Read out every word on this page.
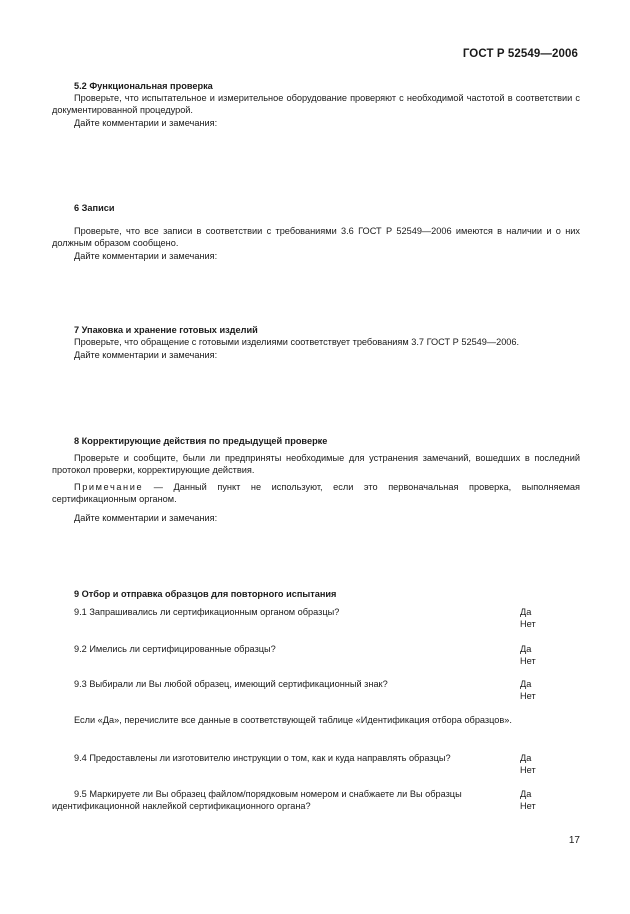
ГОСТ Р 52549—2006
5.2 Функциональная проверка
Проверьте, что испытательное и измерительное оборудование проверяют с необходимой частотой в соответствии с документированной процедурой.
Дайте комментарии и замечания:
6 Записи
Проверьте, что все записи в соответствии с требованиями 3.6 ГОСТ Р 52549—2006 имеются в наличии и о них должным образом сообщено.
Дайте комментарии и замечания:
7 Упаковка и хранение готовых изделий
Проверьте, что обращение с готовыми изделиями соответствует требованиям 3.7 ГОСТ Р 52549—2006.
Дайте комментарии и замечания:
8 Корректирующие действия по предыдущей проверке
Проверьте и сообщите, были ли предприняты необходимые для устранения замечаний, вошедших в последний протокол проверки, корректирующие действия.
Примечание — Данный пункт не используют, если это первоначальная проверка, выполняемая сертификационным органом.
Дайте комментарии и замечания:
9 Отбор и отправка образцов для повторного испытания
9.1 Запрашивались ли сертификационным органом образцы?	Да
Нет
9.2 Имелись ли сертифицированные образцы?	Да
Нет
9.3 Выбирали ли Вы любой образец, имеющий сертификационный знак?	Да
Нет
Если «Да», перечислите все данные в соответствующей таблице «Идентификация отбора образцов».
9.4 Предоставлены ли изготовителю инструкции о том, как и куда направлять образцы?	Да
Нет
9.5 Маркируете ли Вы образец файлом/порядковым номером и снабжаете ли Вы образцы идентификационной наклейкой сертификационного органа?
Да
Нет
17
